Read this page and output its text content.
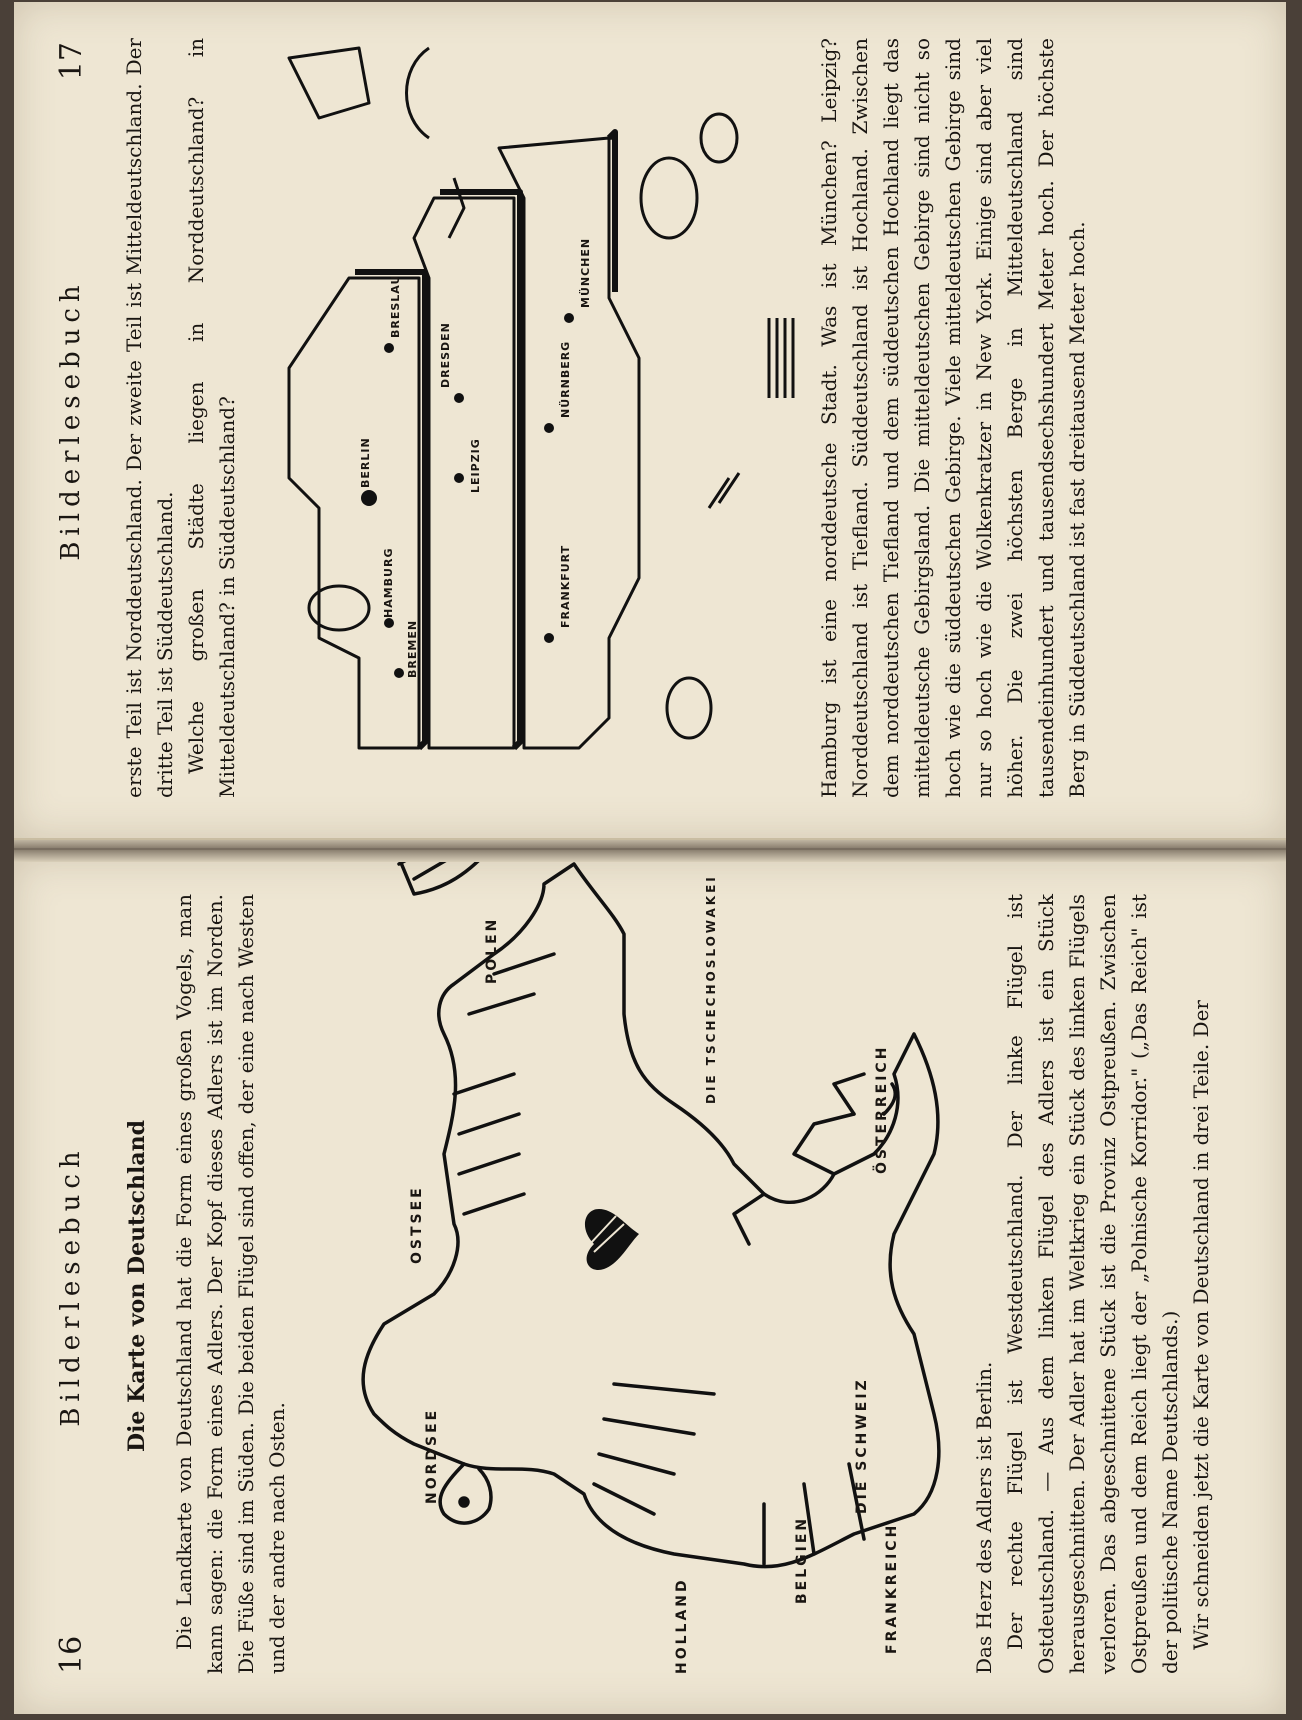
16
Bilderlesebuch Die Karte von Deutschland Die Landkarte von Deutschland hat die Form eines großen Vogels, man kann sagen: die Form eines Adlers. Der Kopf dieses Adlers ist im Norden. Die Füße sind im Süden. Die beiden Flügel sind offen, der eine nach Westen und der andre nach Osten.	HOLLAND
BELGIEN	FRANKREICH
NORDSEE
OSTSEE
POLEN
DIE SCHWEIZ
ÖSTERREICH
DIE TSCHECHOSLOWAKEI

Das Herz des Adlers ist Berlin. Der rechte Flügel ist Westdeutschland. Der linke Flügel ist Ostdeutschland. — Aus dem linken Flügel des Adlers ist ein Stück herausgeschnitten. Der Adler hat im Weltkrieg ein Stück des linken Flügels verloren. Das abgeschnittene Stück ist die Provinz Ostpreußen. Zwischen Ostpreußen und dem Reich liegt der „Polnische Korridor." („Das Reich" ist der politische Name Deutschlands.) Wir schneiden jetzt die Karte von Deutschland in drei Teile. Der

Bilderlesebuch
17 erste Teil ist Norddeutschland. Der zweite Teil ist Mitteldeutschland. Der dritte Teil ist Süddeutschland. Welche großen Städte liegen in Norddeutschland? in Mitteldeutschland? in Süddeutschland?	HAMBURG
BREMEN
BERLIN	LEIPZIG
DRESDEN
BRESLAU
FRANKFURT
NÜRNBERG
MÜNCHEN	Hamburg ist eine norddeutsche Stadt. Was ist München? Leipzig? Norddeutschland ist Tiefland. Süddeutschland ist Hochland. Zwischen dem norddeutschen Tiefland und dem süddeutschen Hochland liegt das mitteldeutsche Gebirgsland. Die mitteldeutschen Gebirge sind nicht so hoch wie die süddeutschen Gebirge. Viele mitteldeutschen Gebirge sind nur so hoch wie die Wolkenkratzer in New York. Einige sind aber viel höher. Die zwei höchsten Berge in Mitteldeutschland sind tausendeinhundert und tausendsechshundert Meter hoch. Der höchste Berg in Süddeutschland ist fast dreitausend Meter hoch.
